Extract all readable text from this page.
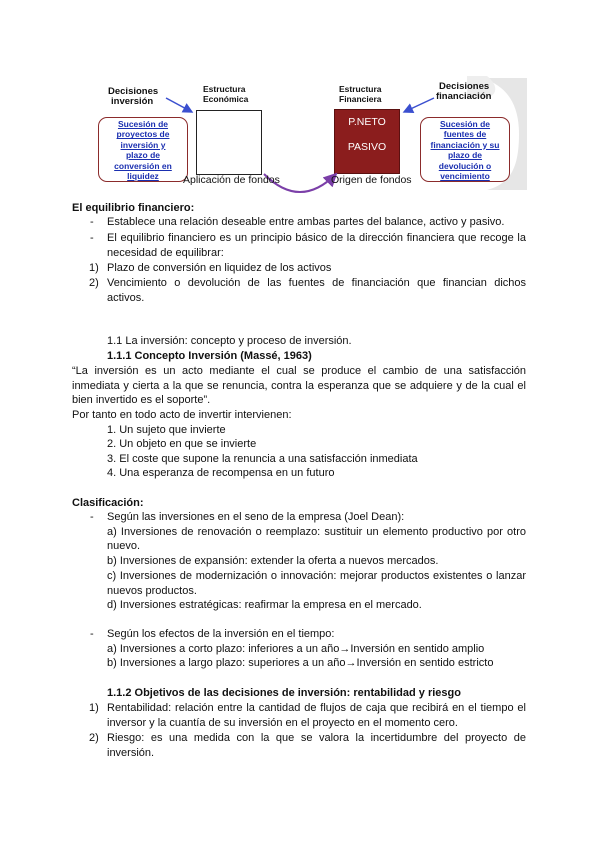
Decisiones
inversión
Estructura
Económica
Estructura
Financiera
Decisiones
financiación
Sucesión de
proyectos de
inversión y
plazo de
conversión en
liquidez
P.NETO
PASIVO
Sucesión de
fuentes de
financiación y su
plazo de
devolución o
vencimiento
Aplicación de fondos	Origen de fondos
El equilibrio financiero:
- Establece una relación deseable entre ambas partes del balance, activo y pasivo.
- El equilibrio financiero es un principio básico de la dirección financiera que recoge la
necesidad de equilibrar:
1) Plazo de conversión en liquidez de los activos
2) Vencimiento o devolución de las fuentes de financiación que financian dichos
activos.
1.1 La inversión: concepto y proceso de inversión.
1.1.1 Concepto Inversión (Massé, 1963)
“La inversión es un acto mediante el cual se produce el cambio de una satisfacción
inmediata y cierta a la que se renuncia, contra la esperanza que se adquiere y de la cual el
bien invertido es el soporte”.
Por tanto en todo acto de invertir intervienen:
1. Un sujeto que invierte
2. Un objeto en que se invierte
3. El coste que supone la renuncia a una satisfacción inmediata
4. Una esperanza de recompensa en un futuro
Clasificación:
- Según las inversiones en el seno de la empresa (Joel Dean):
a) Inversiones de renovación o reemplazo: sustituir un elemento productivo por otro
nuevo.
b) Inversiones de expansión: extender la oferta a nuevos mercados.
c) Inversiones de modernización o innovación: mejorar productos existentes o lanzar
nuevos productos.
d) Inversiones estratégicas: reafirmar la empresa en el mercado.
- Según los efectos de la inversión en el tiempo:
a) Inversiones a corto plazo: inferiores a un año→Inversión en sentido amplio
b) Inversiones a largo plazo: superiores a un año→Inversión en sentido estricto
1.1.2 Objetivos de las decisiones de inversión: rentabilidad y riesgo
1) Rentabilidad: relación entre la cantidad de flujos de caja que recibirá en el tiempo el
inversor y la cuantía de su inversión en el proyecto en el momento cero.
2) Riesgo: es una medida con la que se valora la incertidumbre del proyecto de
inversión.
